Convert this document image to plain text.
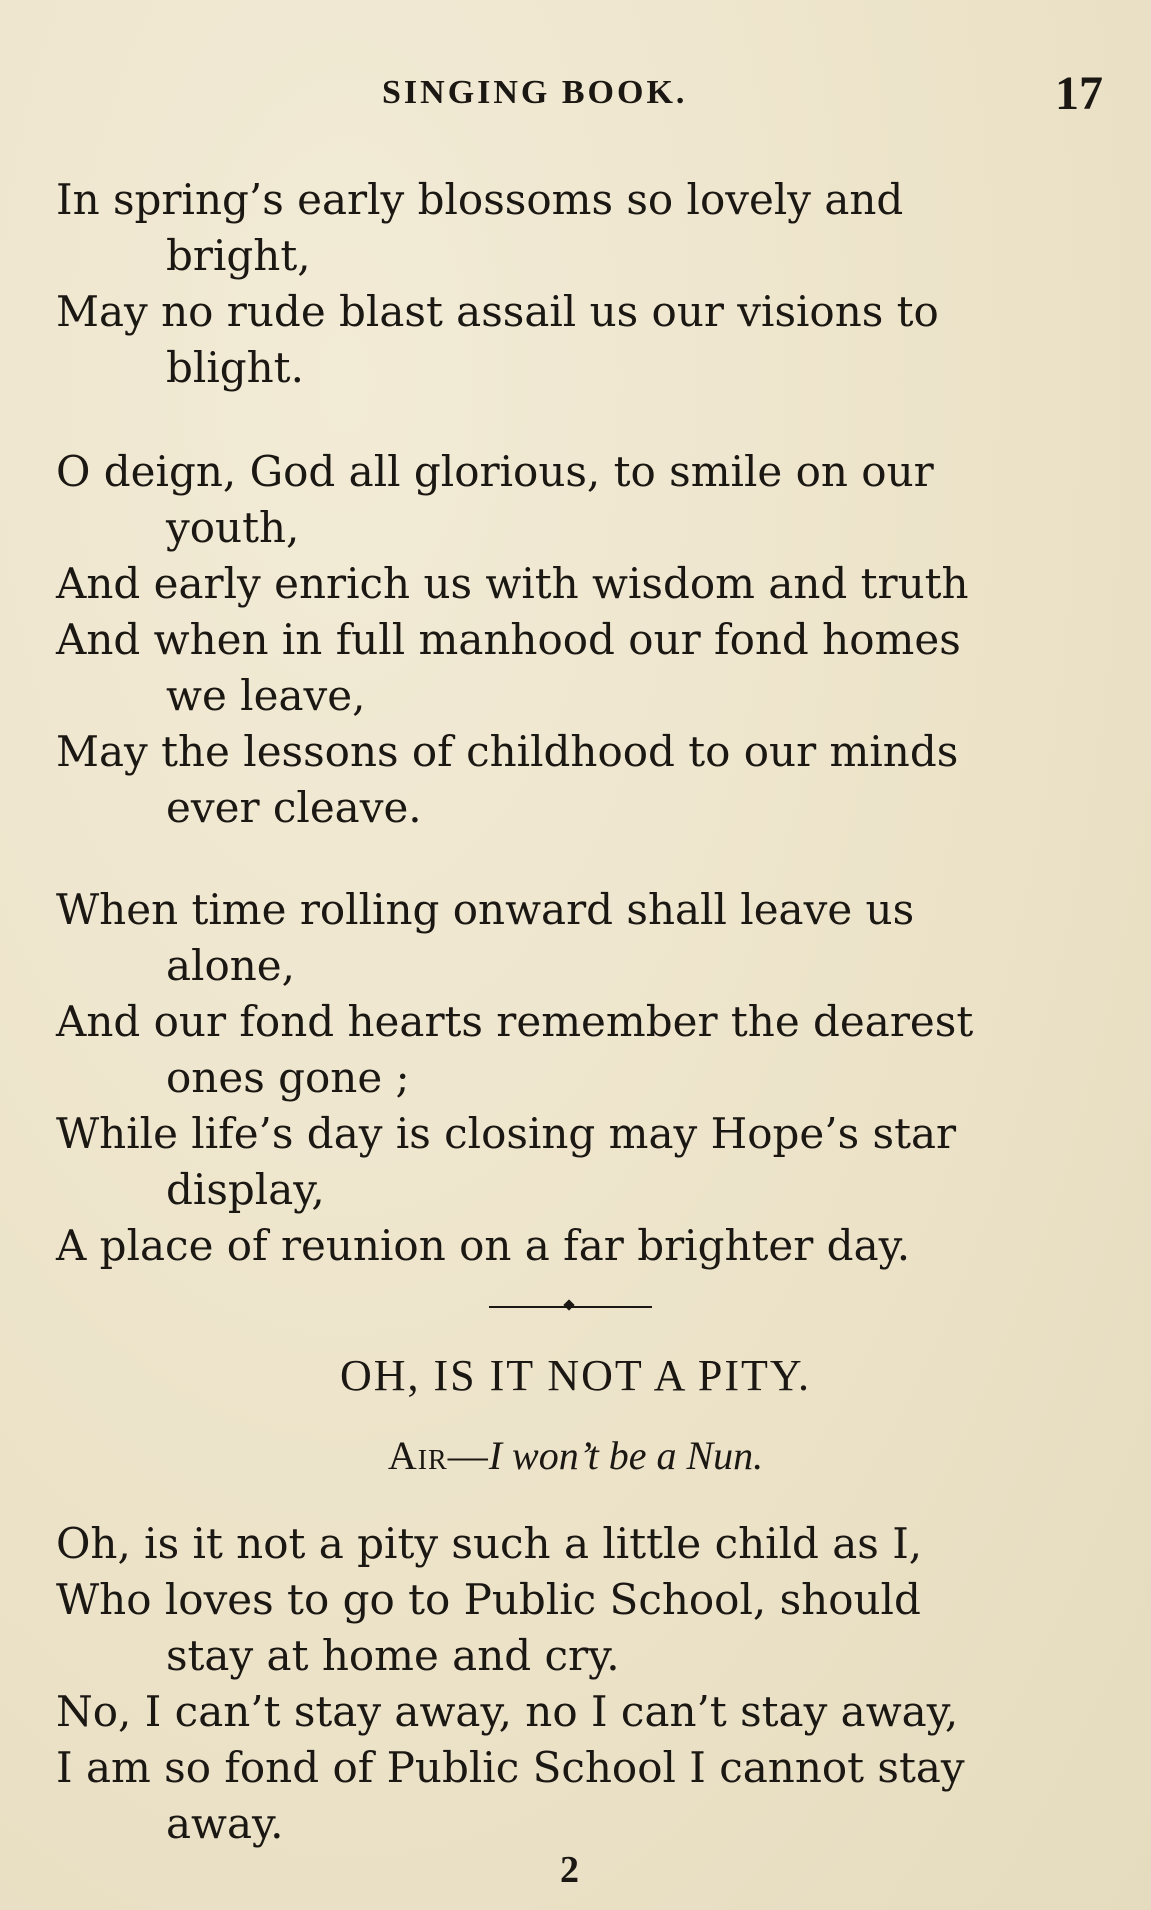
SINGING BOOK.	17
In spring’s early blossoms so lovely and
bright,
May no rude blast assail us our visions to
blight.
O deign, God all glorious, to smile on our
youth,
And early enrich us with wisdom and truth
And when in full manhood our fond homes
we leave,
May the lessons of childhood to our minds
ever cleave.
When time rolling onward shall leave us
alone,
And our fond hearts remember the dearest
ones gone ;
While life’s day is closing may Hope’s star
display,
A place of reunion on a far brighter day.
OH, IS IT NOT A PITY.
Air—I won’t be a Nun.
Oh, is it not a pity such a little child as I,
Who loves to go to Public School, should
stay at home and cry.
No, I can’t stay away, no I can’t stay away,
I am so fond of Public School I cannot stay
away.
2
